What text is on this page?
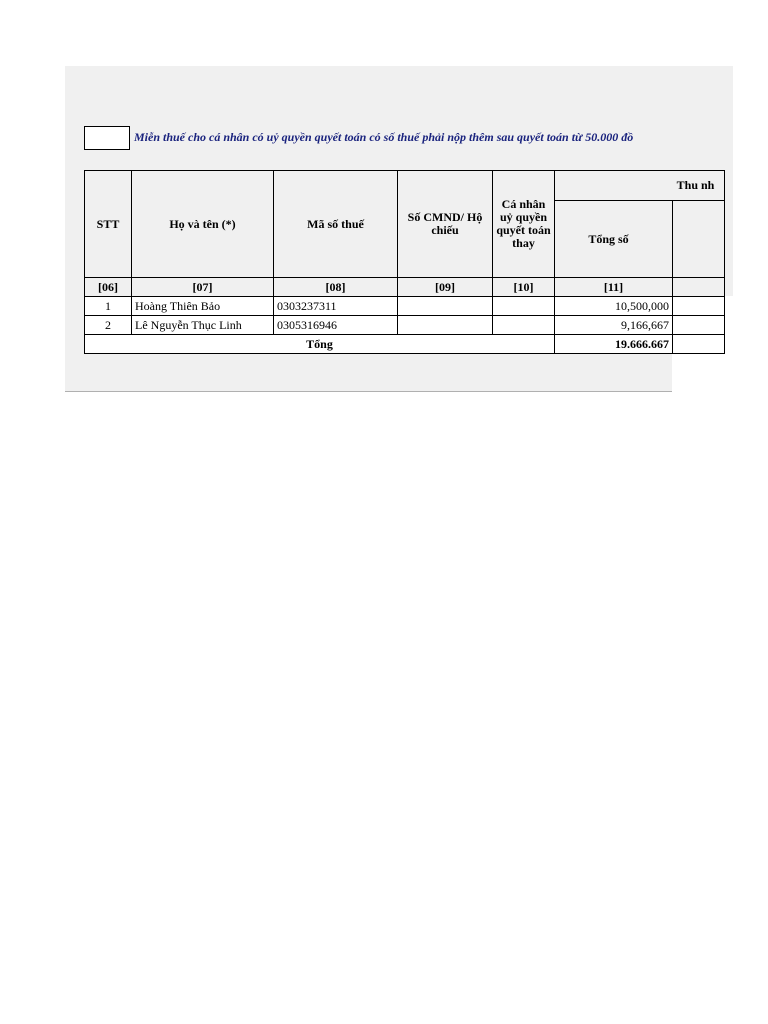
Miễn thuế cho cá nhân có uỷ quyền quyết toán có số thuế phải nộp thêm sau quyết toán từ 50.000 đồ
STT	Họ và tên (*)	Mã số thuế	Số CMND/ Hộ chiếu	Cá nhân uỷ quyền quyết toán thay	Thu nh	
					Tổng số	
[06]	[07]	[08]	[09]	[10]	[11]	
1	Hoàng Thiên Bảo	0303237311			10,500,000	
2	Lê Nguyễn Thục Linh	0305316946			9,166,667	
Tổng					19.666.667	
